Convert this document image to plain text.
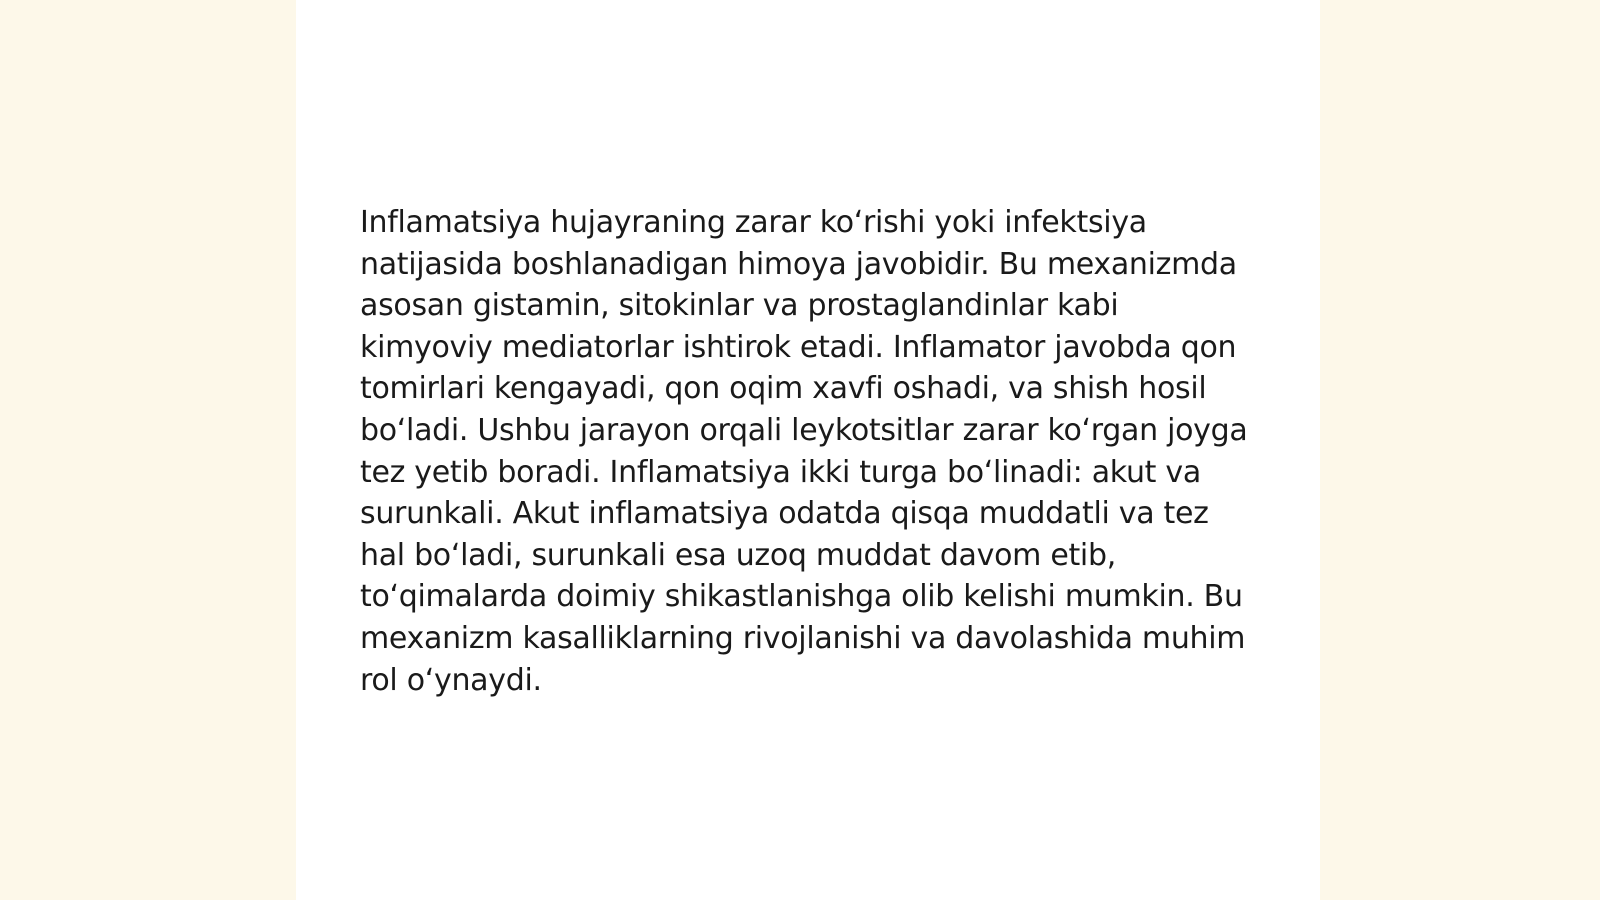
Inflamatsiya hujayraning zarar koʻrishi yoki infektsiya natijasida boshlanadigan himoya javobidir. Bu mexanizmda asosan gistamin, sitokinlar va prostaglandinlar kabi kimyoviy mediatorlar ishtirok etadi. Inflamator javobda qon tomirlari kengayadi, qon oqim xavfi oshadi, va shish hosil boʻladi. Ushbu jarayon orqali leykotsitlar zarar koʻrgan joyga tez yetib boradi. Inflamatsiya ikki turga boʻlinadi: akut va surunkali. Akut inflamatsiya odatda qisqa muddatli va tez hal boʻladi, surunkali esa uzoq muddat davom etib, toʻqimalarda doimiy shikastlanishga olib kelishi mumkin. Bu mexanizm kasalliklarning rivojlanishi va davolashida muhim rol oʻynaydi.
